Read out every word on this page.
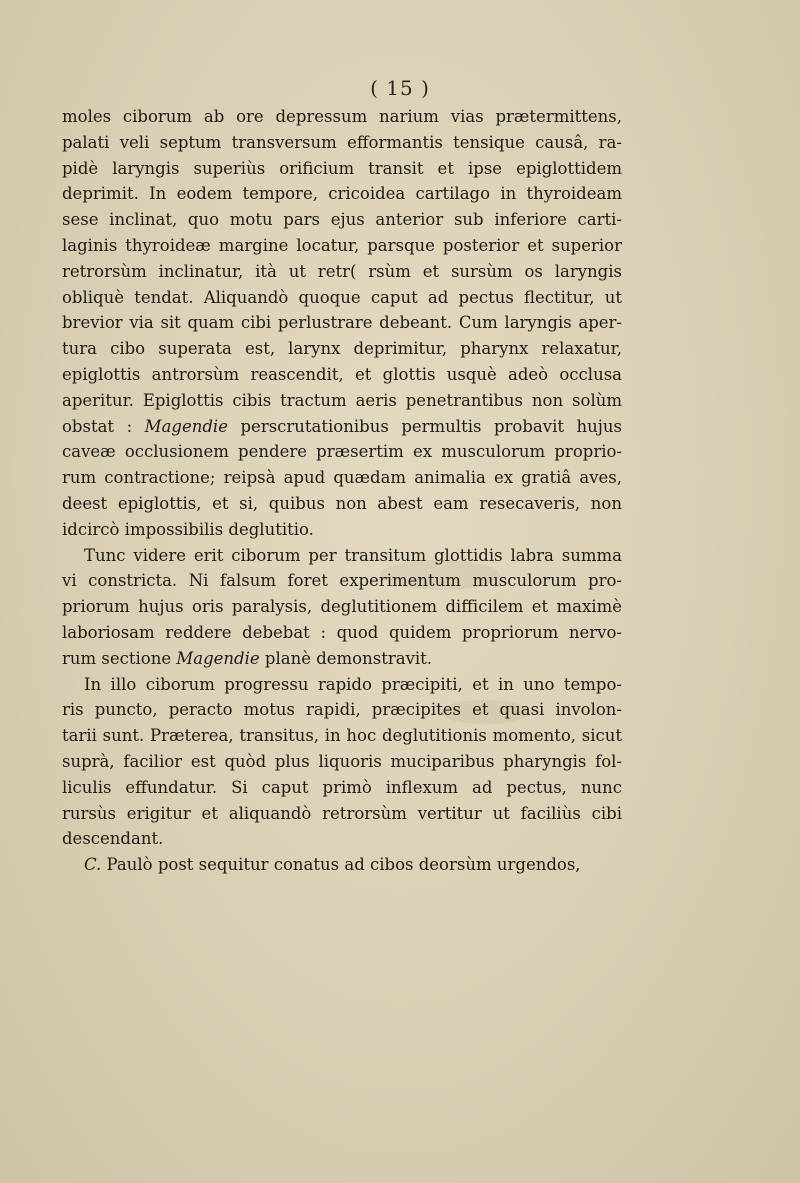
( 15 )
moles ciborum ab ore depressum narium vias prætermittens,
palati veli septum transversum efformantis tensique causâ, ra-
pidè laryngis superiùs orificium transit et ipse epiglottidem
deprimit. In eodem tempore, cricoidea cartilago in thyroideam
sese inclinat, quo motu pars ejus anterior sub inferiore carti-
laginis thyroideæ margine locatur, parsque posterior et superior
retrorsùm inclinatur, ità ut retr( rsùm et sursùm os laryngis
obliquè tendat. Aliquandò quoque caput ad pectus flectitur, ut
brevior via sit quam cibi perlustrare debeant. Cum laryngis aper-
tura cibo superata est, larynx deprimitur, pharynx relaxatur,
epiglottis antrorsùm reascendit, et glottis usquè adeò occlusa
aperitur. Epiglottis cibis tractum aeris penetrantibus non solùm
obstat : Magendie perscrutationibus permultis probavit hujus
caveæ occlusionem pendere præsertim ex musculorum proprio-
rum contractione; reipsà apud quædam animalia ex gratiâ aves,
deest epiglottis, et si, quibus non abest eam resecaveris, non
idcircò impossibilis deglutitio.
Tunc videre erit ciborum per transitum glottidis labra summa
vi constricta. Ni falsum foret experimentum musculorum pro-
priorum hujus oris paralysis, deglutitionem difficilem et maximè
laboriosam reddere debebat : quod quidem propriorum nervo-
rum sectione Magendie planè demonstravit.
In illo ciborum progressu rapido præcipiti, et in uno tempo-
ris puncto, peracto motus rapidi, præcipites et quasi involon-
tarii sunt. Præterea, transitus, in hoc deglutitionis momento, sicut
suprà, facilior est quòd plus liquoris muciparibus pharyngis fol-
liculis effundatur. Si caput primò inflexum ad pectus, nunc
rursùs erigitur et aliquandò retrorsùm vertitur ut faciliùs cibi
descendant.
C. Paulò post sequitur conatus ad cibos deorsùm urgendos,
